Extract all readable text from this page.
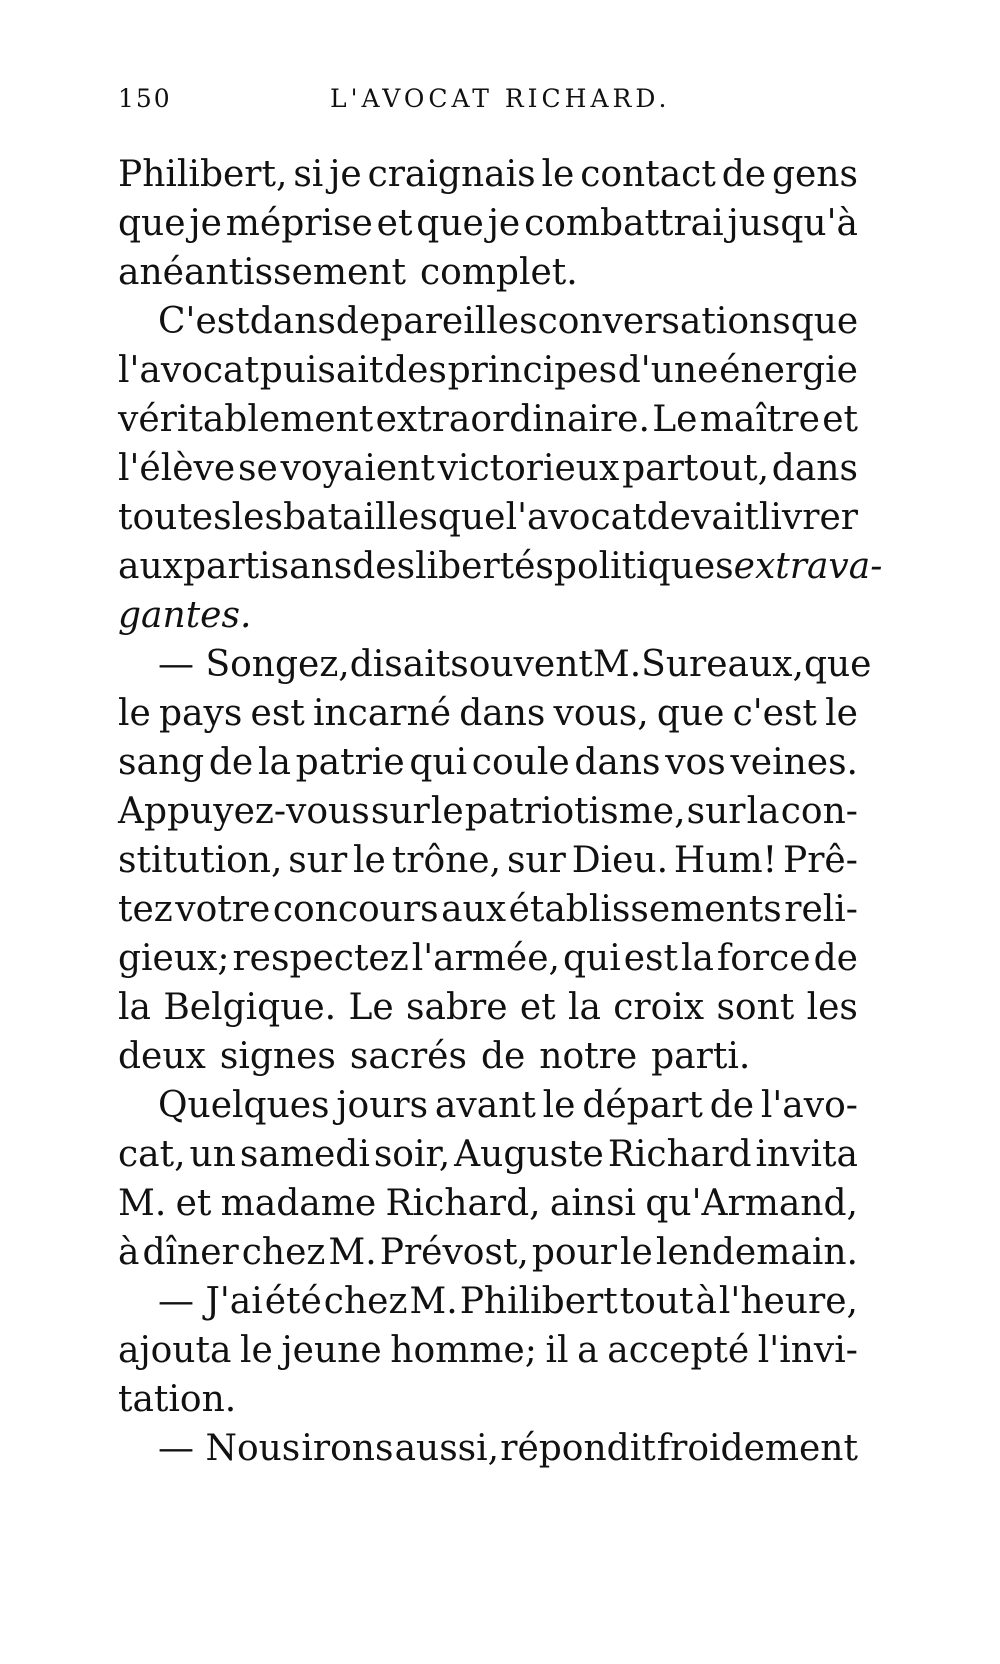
150	L'AVOCAT RICHARD.
Philibert, si je craignais le contact de gens
que je méprise et que je combattrai jusqu'à
anéantissement complet.
C'est dans de pareilles conversations que
l'avocat puisait des principes d'une énergie
véritablement extraordinaire. Le maître et
l'élève se voyaient victorieux partout, dans
toutes les batailles que l'avocat devait livrer
aux partisans des libertés politiques extrava-
gantes.
— Songez, disait souvent M. Sureaux, que
le pays est incarné dans vous, que c'est le
sang de la patrie qui coule dans vos veines.
Appuyez-vous sur le patriotisme, sur la con-
stitution, sur le trône, sur Dieu. Hum! Prê-
tez votre concours aux établissements reli-
gieux; respectez l'armée, qui est la force de
la Belgique. Le sabre et la croix sont les
deux signes sacrés de notre parti.
Quelques jours avant le départ de l'avo-
cat, un samedi soir, Auguste Richard invita
M. et madame Richard, ainsi qu'Armand,
à dîner chez M. Prévost, pour le lendemain.
— J'ai été chez M. Philibert tout à l'heure,
ajouta le jeune homme; il a accepté l'invi-
tation.
— Nous irons aussi, répondit froidement
